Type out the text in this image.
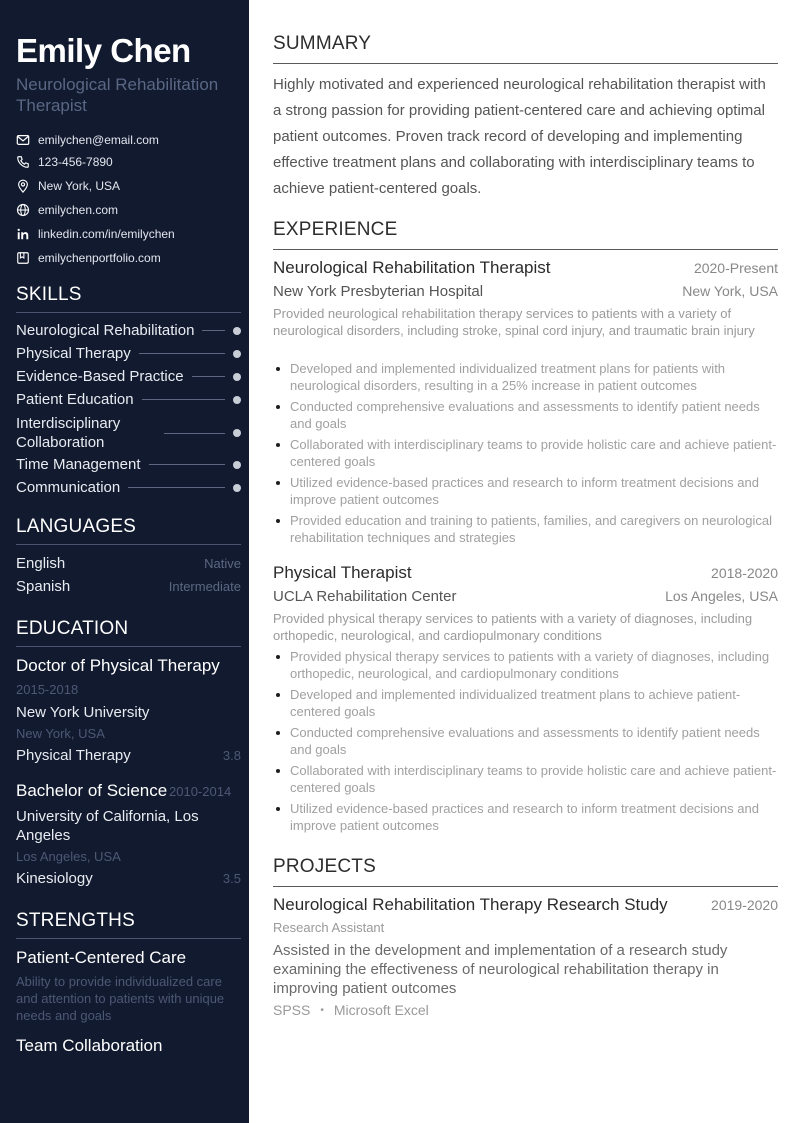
Emily Chen
Neurological Rehabilitation Therapist
emilychen@email.com
123-456-7890
New York, USA
emilychen.com
linkedin.com/in/emilychen
emilychenportfolio.com
SKILLS
Neurological Rehabilitation
Physical Therapy
Evidence-Based Practice
Patient Education
Interdisciplinary Collaboration
Time Management
Communication
LANGUAGES
English	Native
Spanish	Intermediate
EDUCATION
Doctor of Physical Therapy
2015-2018
New York University
New York, USA
Physical Therapy	3.8
Bachelor of Science 2010-2014
University of California, Los Angeles
Los Angeles, USA
Kinesiology	3.5
STRENGTHS
Patient-Centered Care
Ability to provide individualized care and attention to patients with unique needs and goals
Team Collaboration
SUMMARY
Highly motivated and experienced neurological rehabilitation therapist with a strong passion for providing patient-centered care and achieving optimal patient outcomes. Proven track record of developing and implementing effective treatment plans and collaborating with interdisciplinary teams to achieve patient-centered goals.
EXPERIENCE
Neurological Rehabilitation Therapist	2020-Present
New York Presbyterian Hospital	New York, USA
Provided neurological rehabilitation therapy services to patients with a variety of neurological disorders, including stroke, spinal cord injury, and traumatic brain injury
Developed and implemented individualized treatment plans for patients with neurological disorders, resulting in a 25% increase in patient outcomes
Conducted comprehensive evaluations and assessments to identify patient needs and goals
Collaborated with interdisciplinary teams to provide holistic care and achieve patient-centered goals
Utilized evidence-based practices and research to inform treatment decisions and improve patient outcomes
Provided education and training to patients, families, and caregivers on neurological rehabilitation techniques and strategies
Physical Therapist	2018-2020
UCLA Rehabilitation Center	Los Angeles, USA
Provided physical therapy services to patients with a variety of diagnoses, including orthopedic, neurological, and cardiopulmonary conditions
Provided physical therapy services to patients with a variety of diagnoses, including orthopedic, neurological, and cardiopulmonary conditions
Developed and implemented individualized treatment plans to achieve patient-centered goals
Conducted comprehensive evaluations and assessments to identify patient needs and goals
Collaborated with interdisciplinary teams to provide holistic care and achieve patient-centered goals
Utilized evidence-based practices and research to inform treatment decisions and improve patient outcomes
PROJECTS
Neurological Rehabilitation Therapy Research Study	2019-2020
Research Assistant
Assisted in the development and implementation of a research study examining the effectiveness of neurological rehabilitation therapy in improving patient outcomes
SPSS • Microsoft Excel
